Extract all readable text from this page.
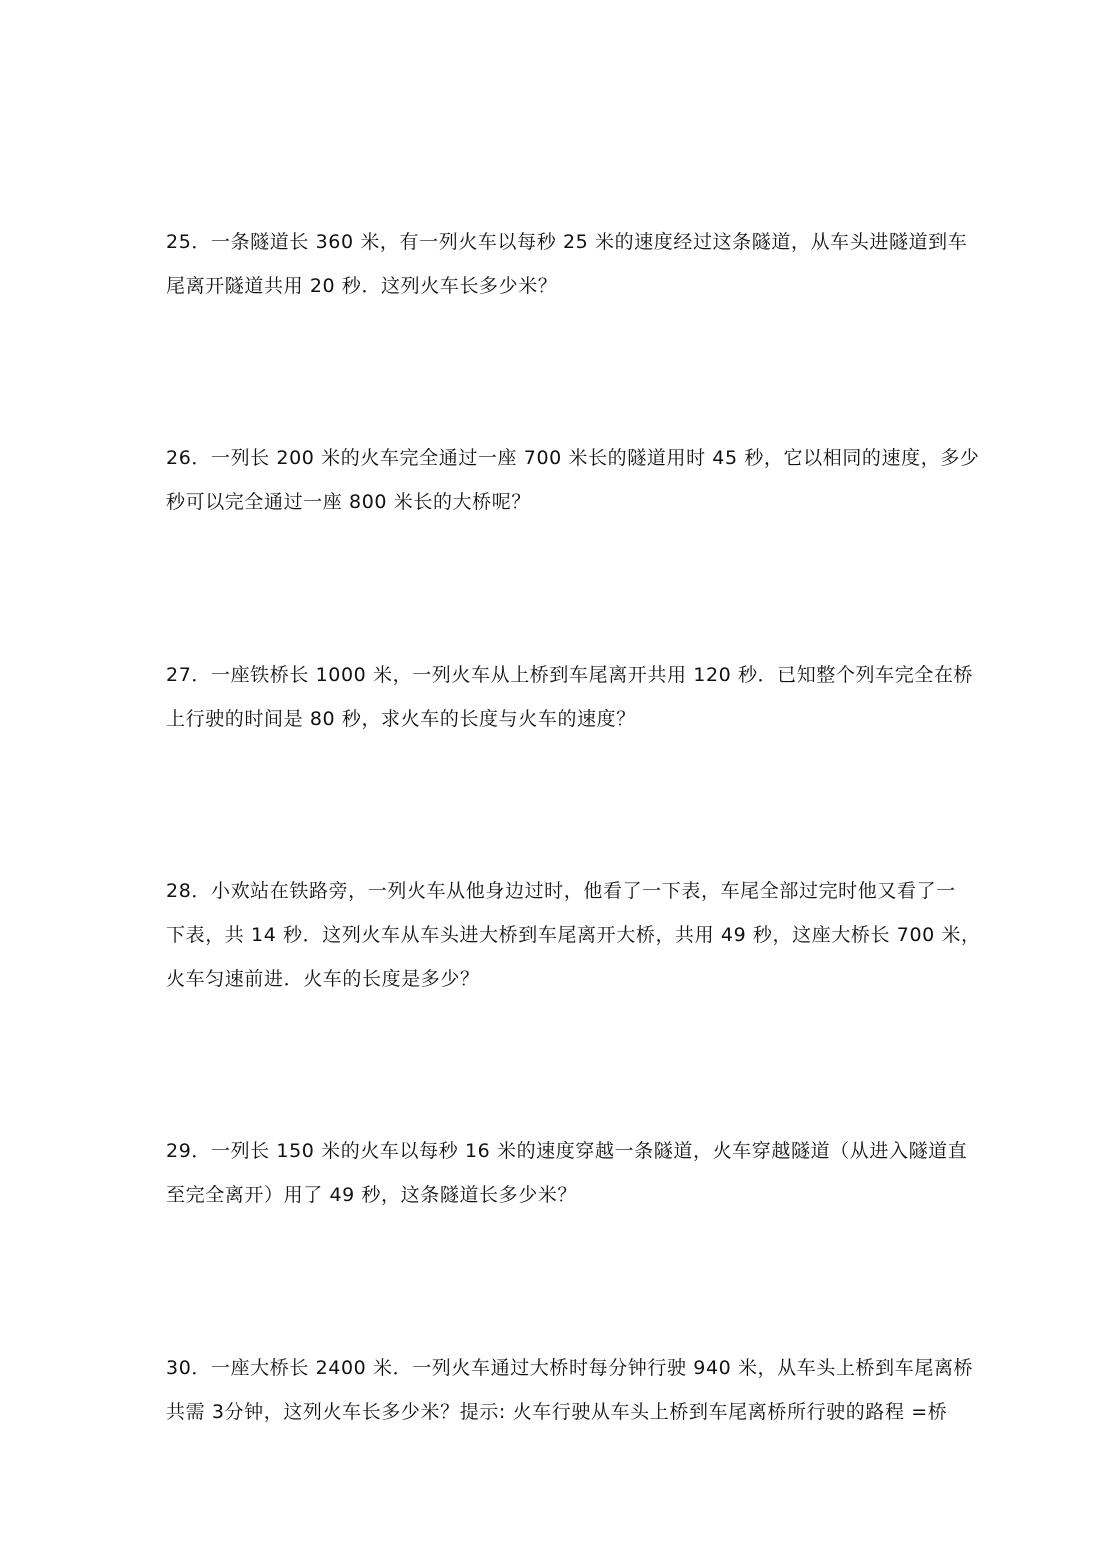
25．一条隧道长 360 米，有一列火车以每秒 25 米的速度经过这条隧道，从车头进隧道到车
尾离开隧道共用 20 秒．这列火车长多少米？
26．一列长 200 米的火车完全通过一座 700 米长的隧道用时 45 秒，它以相同的速度，多少
秒可以完全通过一座 800 米长的大桥呢？
27．一座铁桥长 1000 米，一列火车从上桥到车尾离开共用 120 秒．已知整个列车完全在桥
上行驶的时间是 80 秒，求火车的长度与火车的速度？
28．小欢站在铁路旁，一列火车从他身边过时，他看了一下表，车尾全部过完时他又看了一
下表，共 14 秒．这列火车从车头进大桥到车尾离开大桥，共用 49 秒，这座大桥长 700 米，
火车匀速前进．火车的长度是多少？
29．一列长 150 米的火车以每秒 16 米的速度穿越一条隧道，火车穿越隧道（从进入隧道直
至完全离开）用了 49 秒，这条隧道长多少米？
30．一座大桥长 2400 米．一列火车通过大桥时每分钟行驶 940 米，从车头上桥到车尾离桥
共需 3分钟，这列火车长多少米？提示: 火车行驶从车头上桥到车尾离桥所行驶的路程 =桥
